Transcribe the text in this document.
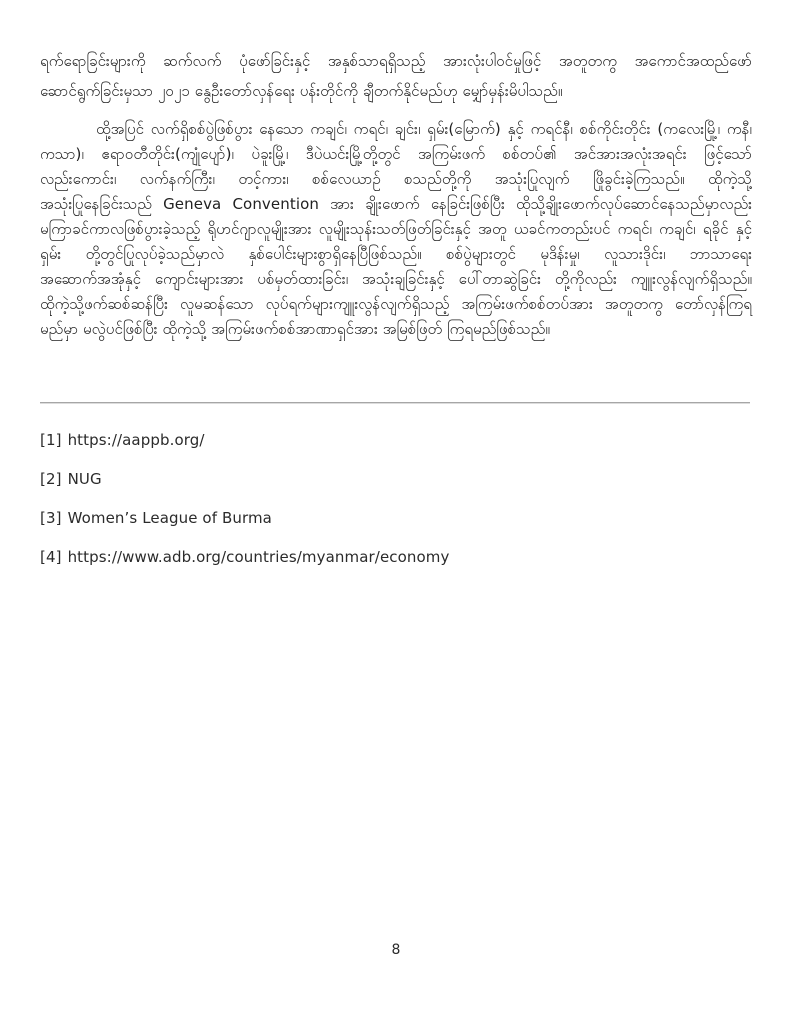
ရက်ရောခြင်းများကို ဆက်လက် ပုံဖော်ခြင်းနှင့် အနှစ်သာရရှိသည့် အားလုံးပါဝင်မှုဖြင့် အတူတကွ အကောင်အထည်ဖော်
ဆောင်ရွက်ခြင်းမှသာ ၂၀၂၁ နွေဦးတော်လှန်ရေး ပန်းတိုင်ကို ချီတက်နိုင်မည်ဟု မျှော်မှန်းမိပါသည်။
ထို့အပြင် လက်ရှိစစ်ပွဲဖြစ်ပွား နေသော ကချင်၊ ကရင်၊ ချင်း၊ ရှမ်း(မြောက်) နှင့် ကရင်နီ၊ စစ်ကိုင်းတိုင်း (ကလေးမြို့၊ ကနီ၊
ကသာ)၊ ဧရာဝတီတိုင်း(ကျုံပျော်)၊ ပဲခူးမြို့၊ ဒီပဲယင်းမြို့တို့တွင် အကြမ်းဖက် စစ်တပ်၏ အင်အားအလုံးအရင်း ဖြင့်သော်
လည်းကောင်း၊ လက်နက်ကြီး၊ တင့်ကား၊ စစ်လေယာဉ် စသည်တို့ကို အသုံးပြုလျက် ဖြိုခွင်းခဲ့ကြသည်။ ထိုကဲ့သို့
အသုံးပြုနေခြင်းသည် Geneva Convention အား ချိုးဖောက် နေခြင်းဖြစ်ပြီး ထိုသို့ချိုးဖောက်လုပ်ဆောင်နေသည်မှာလည်း
မကြာခင်ကာလဖြစ်ပွားခဲ့သည့် ရိုဟင်ဂျာလူမျိုးအား လူမျိုးသုန်းသတ်ဖြတ်ခြင်းနှင့် အတူ ယခင်ကတည်းပင် ကရင်၊ ကချင်၊ ရခိုင် နှင့်
ရှမ်း တို့တွင်ပြုလုပ်ခဲ့သည်မှာလဲ နှစ်ပေါင်းများစွာရှိနေပြီဖြစ်သည်။ စစ်ပွဲများတွင် မုဒိန်းမှု၊ လူသားဒိုင်း၊ ဘာသာရေး
အဆောက်အအုံနှင့် ကျောင်းများအား ပစ်မှတ်ထားခြင်း၊ အသုံးချခြင်းနှင့် ပေါ်တာဆွဲခြင်း တို့ကိုလည်း ကျူးလွန်လျက်ရှိသည်။
ထိုကဲ့သို့ဖက်ဆစ်ဆန်ပြီး လူမဆန်သော လုပ်ရက်များကျူးလွန်လျက်ရှိသည့် အကြမ်းဖက်စစ်တပ်အား အတူတကွ တော်လှန်ကြရ
မည်မှာ မလွဲပင်ဖြစ်ပြီး ထိုကဲ့သို့ အကြမ်းဖက်စစ်အာဏာရှင်အား အမြစ်ဖြတ် ကြရမည်ဖြစ်သည်။
[1] https://aappb.org/
[2] NUG
[3] Women’s League of Burma
[4] https://www.adb.org/countries/myanmar/economy
8
